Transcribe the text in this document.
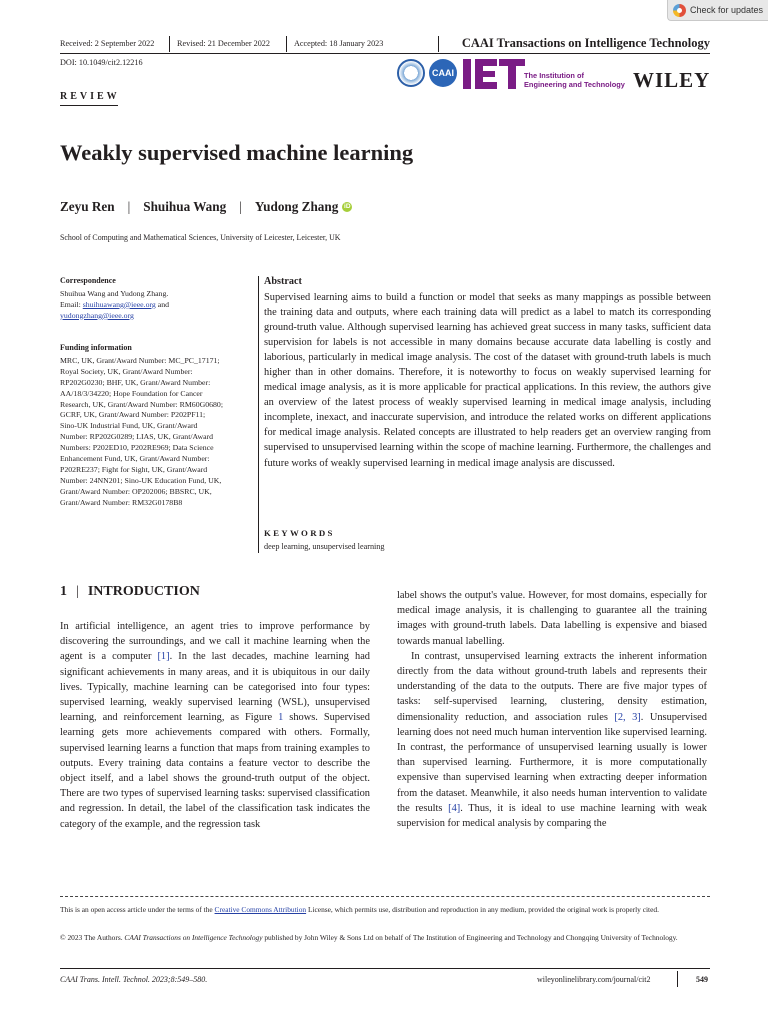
Check for updates
Received: 2 September 2022	Revised: 21 December 2022	Accepted: 18 January 2023	CAAI Transactions on Intelligence Technology
DOI: 10.1049/cit2.12216
REVIEW
CAAI	The Institution of
Engineering and Technology WILEY
Weakly supervised machine learning
Zeyu Ren | Shuihua Wang | Yudong Zhang iD
School of Computing and Mathematical Sciences, University of Leicester, Leicester, UK
Correspondence
Shuihua Wang and Yudong Zhang.
Email: shuihuawang@ieee.org and
yudongzhang@ieee.org
Funding information
MRC, UK, Grant/Award Number: MC_PC_17171;
Royal Society, UK, Grant/Award Number:
RP202G0230; BHF, UK, Grant/Award Number:
AA/18/3/34220; Hope Foundation for Cancer
Research, UK, Grant/Award Number: RM60G0680;
GCRF, UK, Grant/Award Number: P202PF11;
Sino-UK Industrial Fund, UK, Grant/Award
Number: RP202G0289; LIAS, UK, Grant/Award
Numbers: P202ED10, P202RE969; Data Science
Enhancement Fund, UK, Grant/Award Number:
P202RE237; Fight for Sight, UK, Grant/Award
Number: 24NN201; Sino-UK Education Fund, UK,
Grant/Award Number: OP202006; BBSRC, UK,
Grant/Award Number: RM32G0178B8
Abstract
Supervised learning aims to build a function or model that seeks as many mappings as possible between the training data and outputs, where each training data will predict as a label to match its corresponding ground-truth value. Although supervised learning has achieved great success in many tasks, sufficient data supervision for labels is not accessible in many domains because accurate data labelling is costly and laborious, particularly in medical image analysis. The cost of the dataset with ground-truth labels is much higher than in other domains. Therefore, it is noteworthy to focus on weakly supervised learning for medical image analysis, as it is more applicable for practical applications. In this review, the authors give an overview of the latest process of weakly supervised learning in medical image analysis, including incomplete, inexact, and inaccurate supervision, and introduce the related works on different applications for medical image analysis. Related concepts are illustrated to help readers get an overview ranging from supervised to unsupervised learning within the scope of machine learning. Furthermore, the challenges and future works of weakly supervised learning in medical image analysis are discussed.
KEYWORDS
deep learning, unsupervised learning
1 | INTRODUCTION

In artificial intelligence, an agent tries to improve performance by discovering the surroundings, and we call it machine learning when the agent is a computer [1]. In the last decades, machine learning had significant achievements in many areas, and it is ubiquitous in our daily lives. Typically, machine learning can be categorised into four types: supervised learning, weakly supervised learning (WSL), unsupervised learning, and reinforcement learning, as Figure 1 shows. Supervised learning gets more achievements compared with others. Formally, supervised learning learns a function that maps from training examples to outputs. Every training data contains a feature vector to describe the object itself, and a label shows the ground-truth output of the object. There are two types of supervised learning tasks: supervised classification and regression. In detail, the label of the classification task indicates the category of the example, and the regression task

label shows the output's value. However, for most domains, especially for medical image analysis, it is challenging to guarantee all the training images with ground-truth labels. Data labelling is expensive and biased towards manual labelling.

In contrast, unsupervised learning extracts the inherent information directly from the data without ground-truth labels and represents their understanding of the data to the outputs. There are five major types of tasks: self-supervised learning, clustering, density estimation, dimensionality reduction, and association rules [2, 3]. Unsupervised learning does not need much human intervention like supervised learning. In contrast, the performance of unsupervised learning usually is lower than supervised learning. Furthermore, it is more computationally expensive than supervised learning when extracting deeper information from the dataset. Meanwhile, it also needs human intervention to validate the results [4]. Thus, it is ideal to use machine learning with weak supervision for medical analysis by comparing the

This is an open access article under the terms of the Creative Commons Attribution License, which permits use, distribution and reproduction in any medium, provided the original work is properly cited.
© 2023 The Authors. CAAI Transactions on Intelligence Technology published by John Wiley & Sons Ltd on behalf of The Institution of Engineering and Technology and Chongqing University of Technology.
CAAI Trans. Intell. Technol. 2023;8:549–580.	wileyonlinelibrary.com/journal/cit2	549
